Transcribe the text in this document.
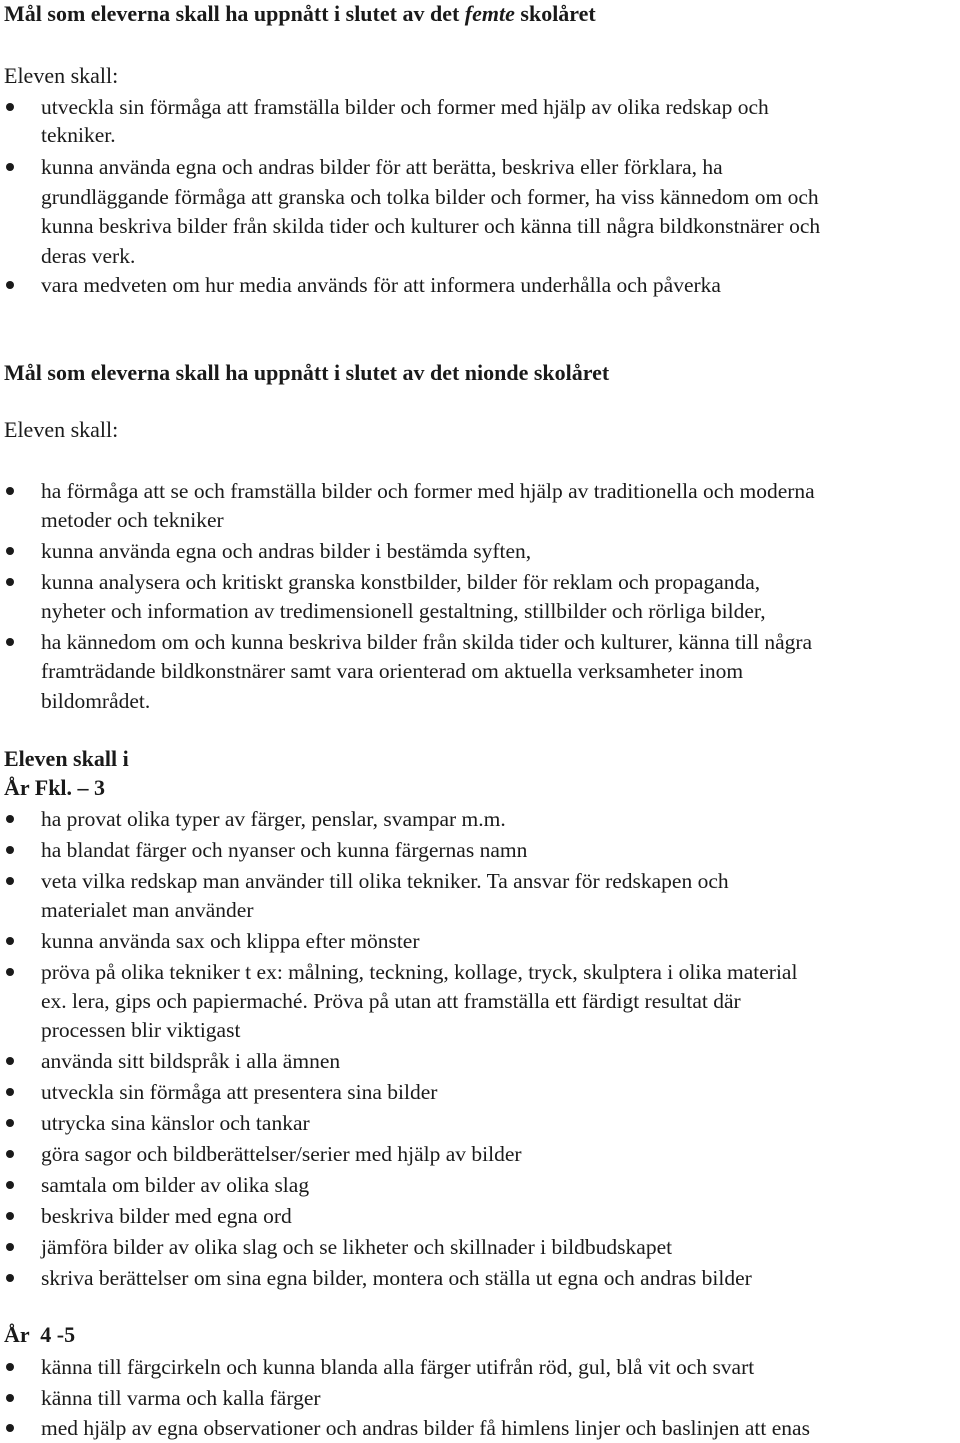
Mål som eleverna skall ha uppnått i slutet av det femte skolåret
Eleven skall:
utveckla sin förmåga att framställa bilder och former med hjälp av olika redskap och
tekniker.
kunna använda egna och andras bilder för att berätta, beskriva eller förklara, ha
grundläggande förmåga att granska och tolka bilder och former, ha viss kännedom om och
kunna beskriva bilder från skilda tider och kulturer och känna till några bildkonstnärer och
deras verk.
vara medveten om hur media används för att informera underhålla och påverka
Mål som eleverna skall ha uppnått i slutet av det nionde skolåret
Eleven skall:
ha förmåga att se och framställa bilder och former med hjälp av traditionella och moderna
metoder och tekniker
kunna använda egna och andras bilder i bestämda syften,
kunna analysera och kritiskt granska konstbilder, bilder för reklam och propaganda,
nyheter och information av tredimensionell gestaltning, stillbilder och rörliga bilder,
ha kännedom om och kunna beskriva bilder från skilda tider och kulturer, känna till några
framträdande bildkonstnärer samt vara orienterad om aktuella verksamheter inom
bildområdet.
Eleven skall i
År Fkl. – 3
ha provat olika typer av färger, penslar, svampar m.m.
ha blandat färger och nyanser och kunna färgernas namn
veta vilka redskap man använder till olika tekniker. Ta ansvar för redskapen och
materialet man använder
kunna använda sax och klippa efter mönster
pröva på olika tekniker t ex: målning, teckning, kollage, tryck, skulptera i olika material
ex. lera, gips och papiermaché. Pröva på utan att framställa ett färdigt resultat där
processen blir viktigast
använda sitt bildspråk i alla ämnen
utveckla sin förmåga att presentera sina bilder
utrycka sina känslor och tankar
göra sagor och bildberättelser/serier med hjälp av bilder
samtala om bilder av olika slag
beskriva bilder med egna ord
jämföra bilder av olika slag och se likheter och skillnader i bildbudskapet
skriva berättelser om sina egna bilder, montera och ställa ut egna och andras bilder
År  4 -5
känna till färgcirkeln och kunna blanda alla färger utifrån röd, gul, blå vit och svart
känna till varma och kalla färger
med hjälp av egna observationer och andras bilder få himlens linjer och baslinjen att enas
